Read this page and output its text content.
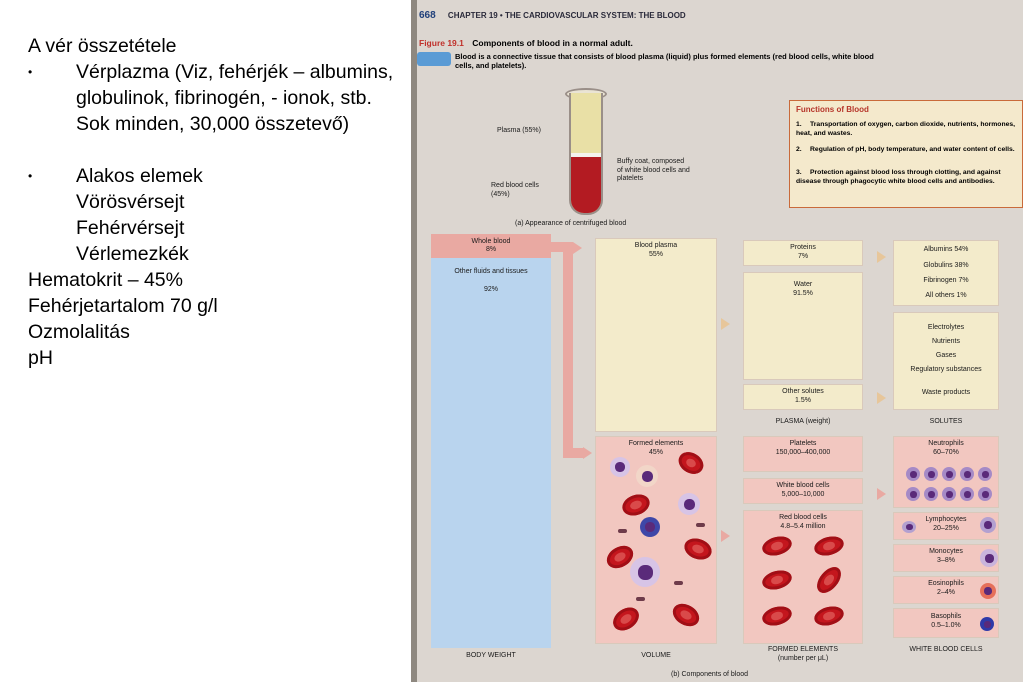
A vér összetétele
• Vérplazma (Viz, fehérjék – albumins, globulinok, fibrinogén, - ionok, stb. Sok minden, 30,000 összetevő)
• Alakos elemek
Vörösvérsejt
Fehérvérsejt
Vérlemezkék
Hematokrit – 45%
Fehérjetartalom 70 g/l
Ozmolalitás
pH
668 CHAPTER 19 • THE CARDIOVASCULAR SYSTEM: THE BLOOD
Figure 19.1 Components of blood in a normal adult.
Blood is a connective tissue that consists of blood plasma (liquid) plus formed elements (red blood cells, white blood cells, and platelets).
Plasma (55%)
Buffy coat, composed of white blood cells and platelets
Red blood cells
(45%)
(a) Appearance of centrifuged blood
Functions of Blood
1. Transportation of oxygen, carbon dioxide, nutrients, hormones, heat, and wastes.
2. Regulation of pH, body temperature, and water content of cells.
3. Protection against blood loss through clotting, and against disease through phagocytic white blood cells and antibodies.
Whole blood
8%
Other fluids and tissues
92%
BODY WEIGHT
Blood plasma
55%
Formed elements
45%
VOLUME
Proteins
7%
Water
91.5%
Other solutes
1.5%
PLASMA (weight)
Platelets
150,000–400,000
White blood cells
5,000–10,000
Red blood cells
4.8–5.4 million
FORMED ELEMENTS
(number per μL)
Albumins 54%
Globulins 38%
Fibrinogen 7%
All others 1%
Electrolytes
Nutrients
Gases
Regulatory substances
Waste products
SOLUTES
Neutrophils
60–70%
Lymphocytes
20–25%
Monocytes
3–8%
Eosinophils
2–4%
Basophils
0.5–1.0%
WHITE BLOOD CELLS
(b) Components of blood
